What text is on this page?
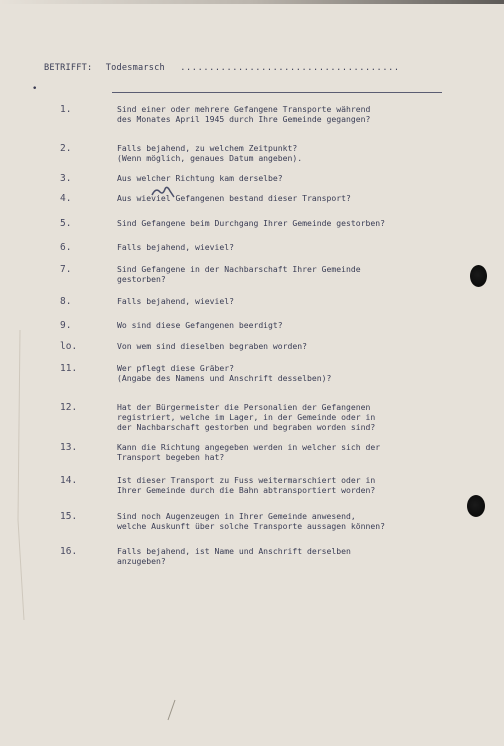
BETRIFFT: Todesmarsch ......................................
•
1.	Sind einer oder mehrere Gefangene Transporte während
des Monates April 1945 durch Ihre Gemeinde gegangen?
2.	Falls bejahend, zu welchem Zeitpunkt?
(Wenn möglich, genaues Datum angeben).
3.	Aus welcher Richtung kam derselbe?
4.	Aus wieviel Gefangenen bestand dieser Transport?
5.	Sind Gefangene beim Durchgang Ihrer Gemeinde gestorben?
6.	Falls bejahend, wieviel?
7.	Sind Gefangene in der Nachbarschaft Ihrer Gemeinde
gestorben?
8.	Falls bejahend, wieviel?
9.	Wo sind diese Gefangenen beerdigt?
lo.	Von wem sind dieselben begraben worden?
11.	Wer pflegt diese Gräber?
(Angabe des Namens und Anschrift desselben)?
12.	Hat der Bürgermeister die Personalien der Gefangenen
registriert, welche im Lager, in der Gemeinde oder in
der Nachbarschaft gestorben und begraben worden sind?
13.	Kann die Richtung angegeben werden in welcher sich der
Transport begeben hat?
14.	Ist dieser Transport zu Fuss weitermarschiert oder in
Ihrer Gemeinde durch die Bahn abtransportiert worden?
15.	Sind noch Augenzeugen in Ihrer Gemeinde anwesend,
welche Auskunft über solche Transporte aussagen können?
16.	Falls bejahend, ist Name und Anschrift derselben
anzugeben?
